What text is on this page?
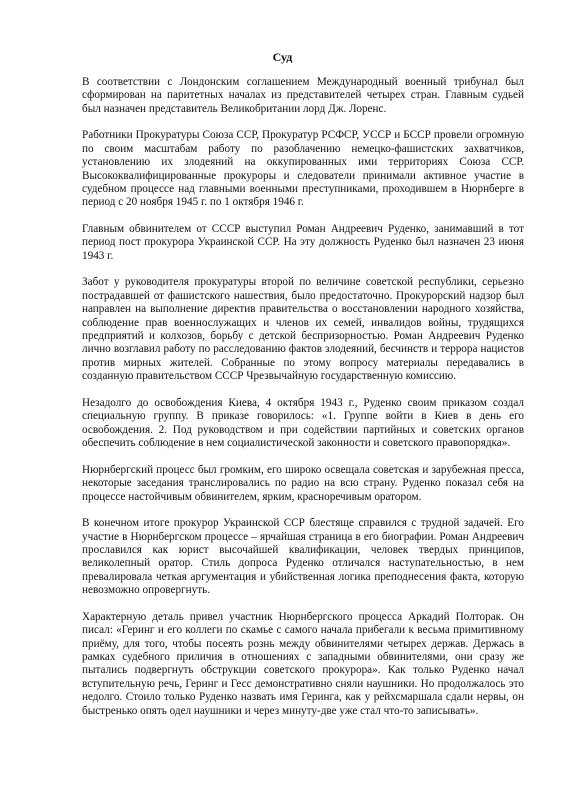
Суд

В соответствии с Лондонским соглашением Международный военный трибунал был сформирован на паритетных началах из представителей четырех стран. Главным судьей был назначен представитель Великобритании лорд Дж. Лоренс.

Работники Прокуратуры Союза ССР, Прокуратур РСФСР, УССР и БССР провели огромную по своим масштабам работу по разоблачению немецко-фашистских захватчиков, установлению их злодеяний на оккупированных ими территориях Союза ССР. Высококвалифицированные прокуроры и следователи принимали активное участие в судебном процессе над главными военными преступниками, проходившем в Нюрнберге в период с 20 ноября 1945 г. по 1 октября 1946 г.

Главным обвинителем от СССР выступил Роман Андреевич Руденко, занимавший в тот период пост прокурора Украинской ССР. На эту должность Руденко был назначен 23 июня 1943 г.

Забот у руководителя прокуратуры второй по величине советской республики, серьезно пострадавшей от фашистского нашествия, было предостаточно. Прокурорский надзор был направлен на выполнение директив правительства о восстановлении народного хозяйства, соблюдение прав военнослужащих и членов их семей, инвалидов войны, трудящихся предприятий и колхозов, борьбу с детской беспризорностью. Роман Андреевич Руденко лично возглавил работу по расследованию фактов злодеяний, бесчинств и террора нацистов против мирных жителей. Собранные по этому вопросу материалы передавались в созданную правительством СССР Чрезвычайную государственную комиссию.

Незадолго до освобождения Киева, 4 октября 1943 г., Руденко своим приказом создал специальную группу. В приказе говорилось: «1. Группе войти в Киев в день его освобождения. 2. Под руководством и при содействии партийных и советских органов обеспечить соблюдение в нем социалистической законности и советского правопорядка».

Нюрнбергский процесс был громким, его широко освещала советская и зарубежная пресса, некоторые заседания транслировались по радио на всю страну. Руденко показал себя на процессе настойчивым обвинителем, ярким, красноречивым оратором.

В конечном итоге прокурор Украинской ССР блестяще справился с трудной задачей. Его участие в Нюрнбергском процессе – ярчайшая страница в его биографии. Роман Андреевич прославился как юрист высочайшей квалификации, человек твердых принципов, великолепный оратор. Стиль допроса Руденко отличался наступательностью, в нем превалировала четкая аргументация и убийственная логика преподнесения факта, которую невозможно опровергнуть.

Характерную деталь привел участник Нюрнбергского процесса Аркадий Полторак. Он писал: «Геринг и его коллеги по скамье с самого начала прибегали к весьма примитивному приёму, для того, чтобы посеять рознь между обвинителями четырех держав. Держась в рамках судебного приличия в отношениях с западными обвинителями, они сразу же пытались подвергнуть обструкции советского прокурора». Как только Руденко начал вступительную речь, Геринг и Гесс демонстративно сняли наушники. Но продолжалось это недолго. Стоило только Руденко назвать имя Геринга, как у рейхсмаршала сдали нервы, он быстренько опять одел наушники и через минуту-две уже стал что-то записывать».
